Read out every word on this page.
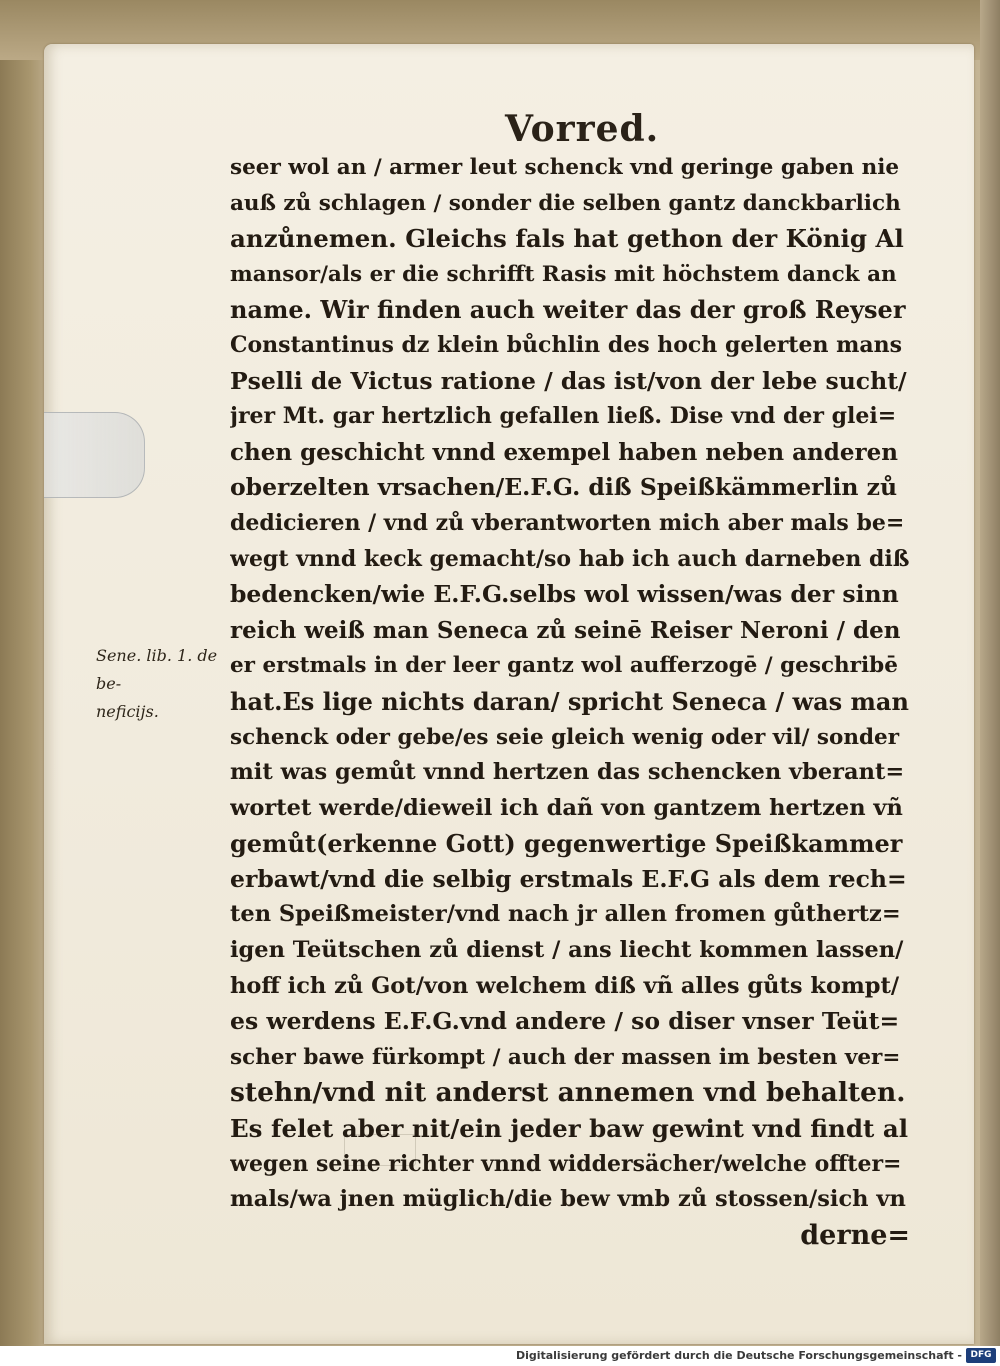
Vorred.
seer wol an / armer leut schenck vnd geringe gaben nie
auß zů schlagen / sonder die selben gantz danckbarlich
anzůnemen. Gleichs fals hat gethon der König Al
mansor/als er die schrifft Rasis mit höchstem danck an
name. Wir finden auch weiter das der groß Reyser
Constantinus dz klein bůchlin des hoch gelerten mans
Pselli de Victus ratione / das ist/von der lebe sucht/
jrer Mt. gar hertzlich gefallen ließ. Dise vnd der glei=
chen geschicht vnnd exempel haben neben anderen
oberzelten vrsachen/E.F.G. diß Speißkämmerlin zů
dedicieren / vnd zů vberantworten mich aber mals be=
wegt vnnd keck gemacht/so hab ich auch darneben diß
bedencken/wie E.F.G.selbs wol wissen/was der sinn
reich weiß man Seneca zů seinē Reiser Neroni / den
er erstmals in der leer gantz wol aufferzogē / geschribē
hat.Es lige nichts daran/ spricht Seneca / was man
schenck oder gebe/es seie gleich wenig oder vil/ sonder
mit was gemůt vnnd hertzen das schencken vberant=
wortet werde/dieweil ich dañ von gantzem hertzen vñ
gemůt(erkenne Gott) gegenwertige Speißkammer
erbawt/vnd die selbig erstmals E.F.G als dem rech=
ten Speißmeister/vnd nach jr allen fromen gůthertz=
igen Teütschen zů dienst / ans liecht kommen lassen/
hoff ich zů Got/von welchem diß vñ alles gůts kompt/
es werdens E.F.G.vnd andere / so diser vnser Teüt=
scher bawe fürkompt / auch der massen im besten ver=
stehn/vnd nit anderst annemen vnd behalten.
Es felet aber nit/ein jeder baw gewint vnd findt al
wegen seine richter vnnd widdersächer/welche offter=
mals/wa jnen müglich/die bew vmb zů stossen/sich vn
derne=
Sene. lib. 1. de be-
neficijs.
Digitalisierung gefördert durch die Deutsche Forschungsgemeinschaft - DFG
